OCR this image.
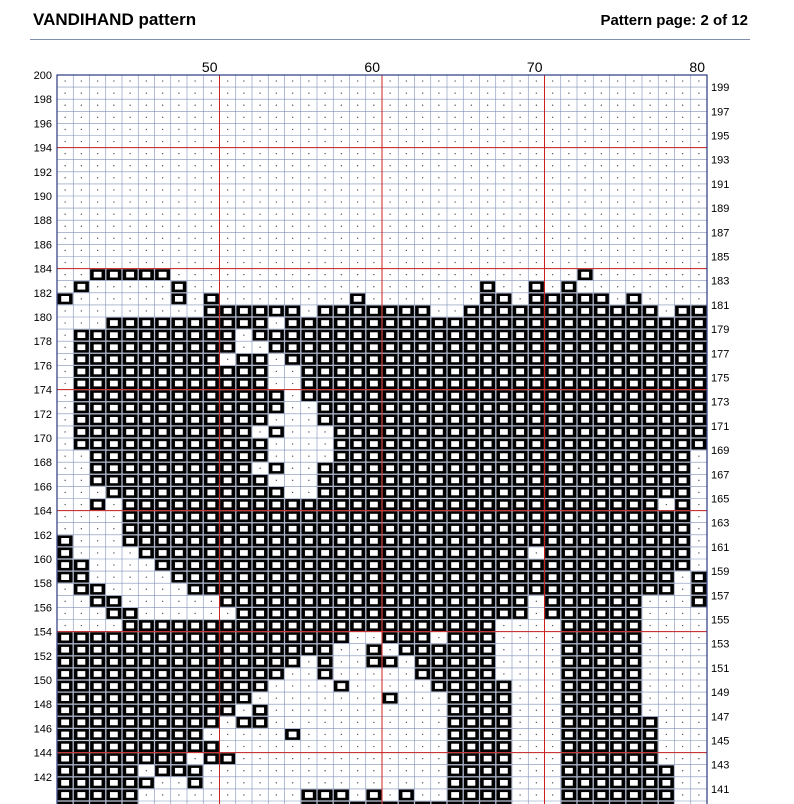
VANDIHAND pattern	Pattern page: 2 of 12
50	60	70	80
200
198
196
194
192
190
188
186
184
182
180
178
176
174
172
170
168
166
164
162
160
158
156
154
152
150
148
146
144
142
199
197
195
193
191
189
187
185
183
181
179
177
175
173
171
169
167
165
163
161
159
157
155
153
151
149
147
145
143
141
